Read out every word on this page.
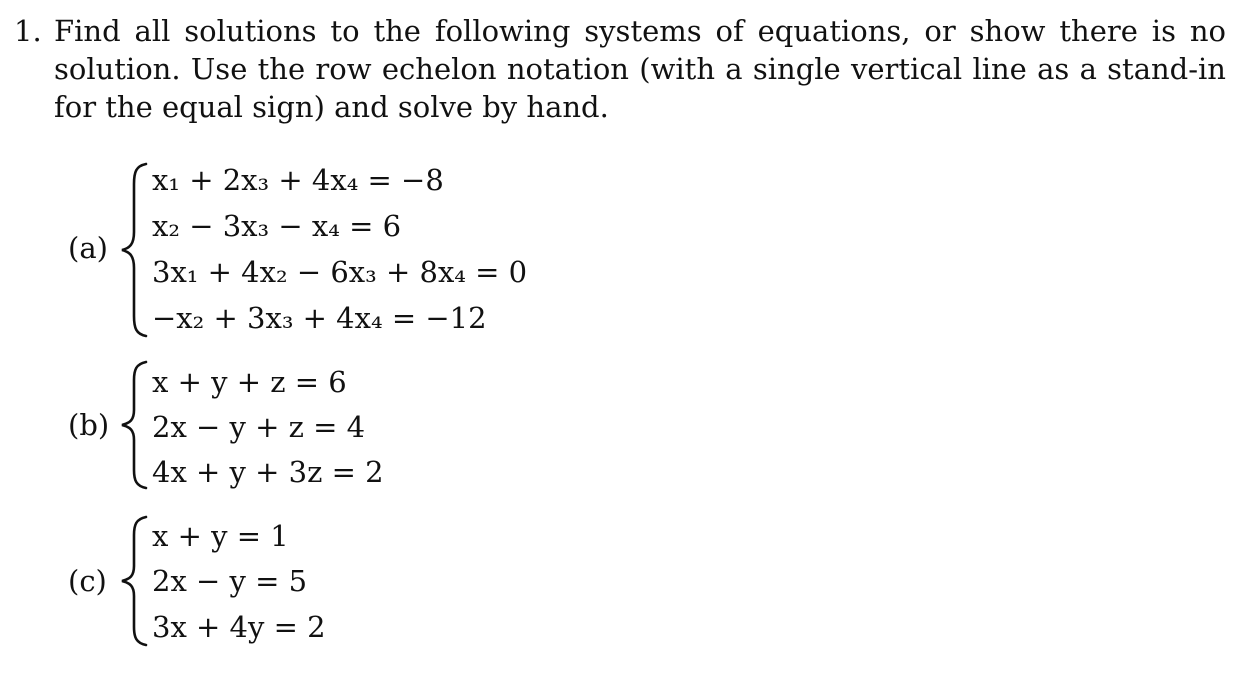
1. Find all solutions to the following systems of equations, or show there is no solution. Use the row echelon notation (with a single vertical line as a stand-in for the equal sign) and solve by hand.
(a)
x₁ + 2x₃ + 4x₄ = −8
x₂ − 3x₃ − x₄ = 6
3x₁ + 4x₂ − 6x₃ + 8x₄ = 0
−x₂ + 3x₃ + 4x₄ = −12
(b)
x + y + z = 6
2x − y + z = 4
4x + y + 3z = 2
(c)
x + y = 1
2x − y = 5
3x + 4y = 2
